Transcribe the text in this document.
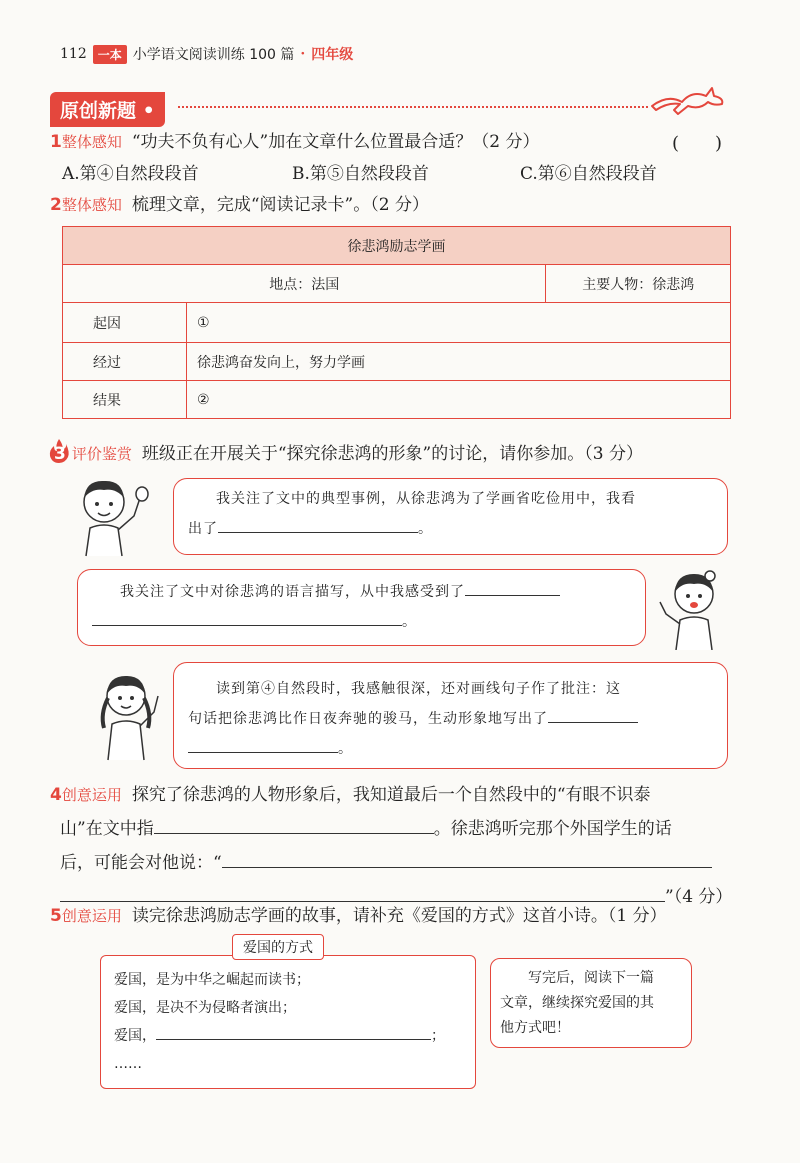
112 一本 小学语文阅读训练 100 篇 · 四年级
原创新题 •
1整体感知 “功夫不负有心人”加在文章什么位置最合适？（2 分）	(　　)
A.第④自然段段首	B.第⑤自然段段首	C.第⑥自然段段首
2整体感知 梳理文章，完成“阅读记录卡”。（2 分）
徐悲鸿励志学画		
地点：法国		主要人物：徐悲鸿
起因	①	
经过	徐悲鸿奋发向上，努力学画	
结果	②	
3 评价鉴赏 班级正在开展关于“探究徐悲鸿的形象”的讨论，请你参加。（3 分）
我关注了文中的典型事例，从徐悲鸿为了学画省吃俭用中，我看
出了	。
我关注了文中对徐悲鸿的语言描写，从中我感受到了
。
读到第④自然段时，我感触很深，还对画线句子作了批注：这
句话把徐悲鸿比作日夜奔驰的骏马，生动形象地写出了
。
4创意运用 探究了徐悲鸿的人物形象后，我知道最后一个自然段中的“有眼不识泰
山”在文中指	。徐悲鸿听完那个外国学生的话
后，可能会对他说：“
”（4 分）
5创意运用 读完徐悲鸿励志学画的故事，请补充《爱国的方式》这首小诗。（1 分）
爱国的方式
爱国，是为中华之崛起而读书；
爱国，是决不为侵略者演出；
爱国，	；
……
写完后，阅读下一篇
文章，继续探究爱国的其
他方式吧！
